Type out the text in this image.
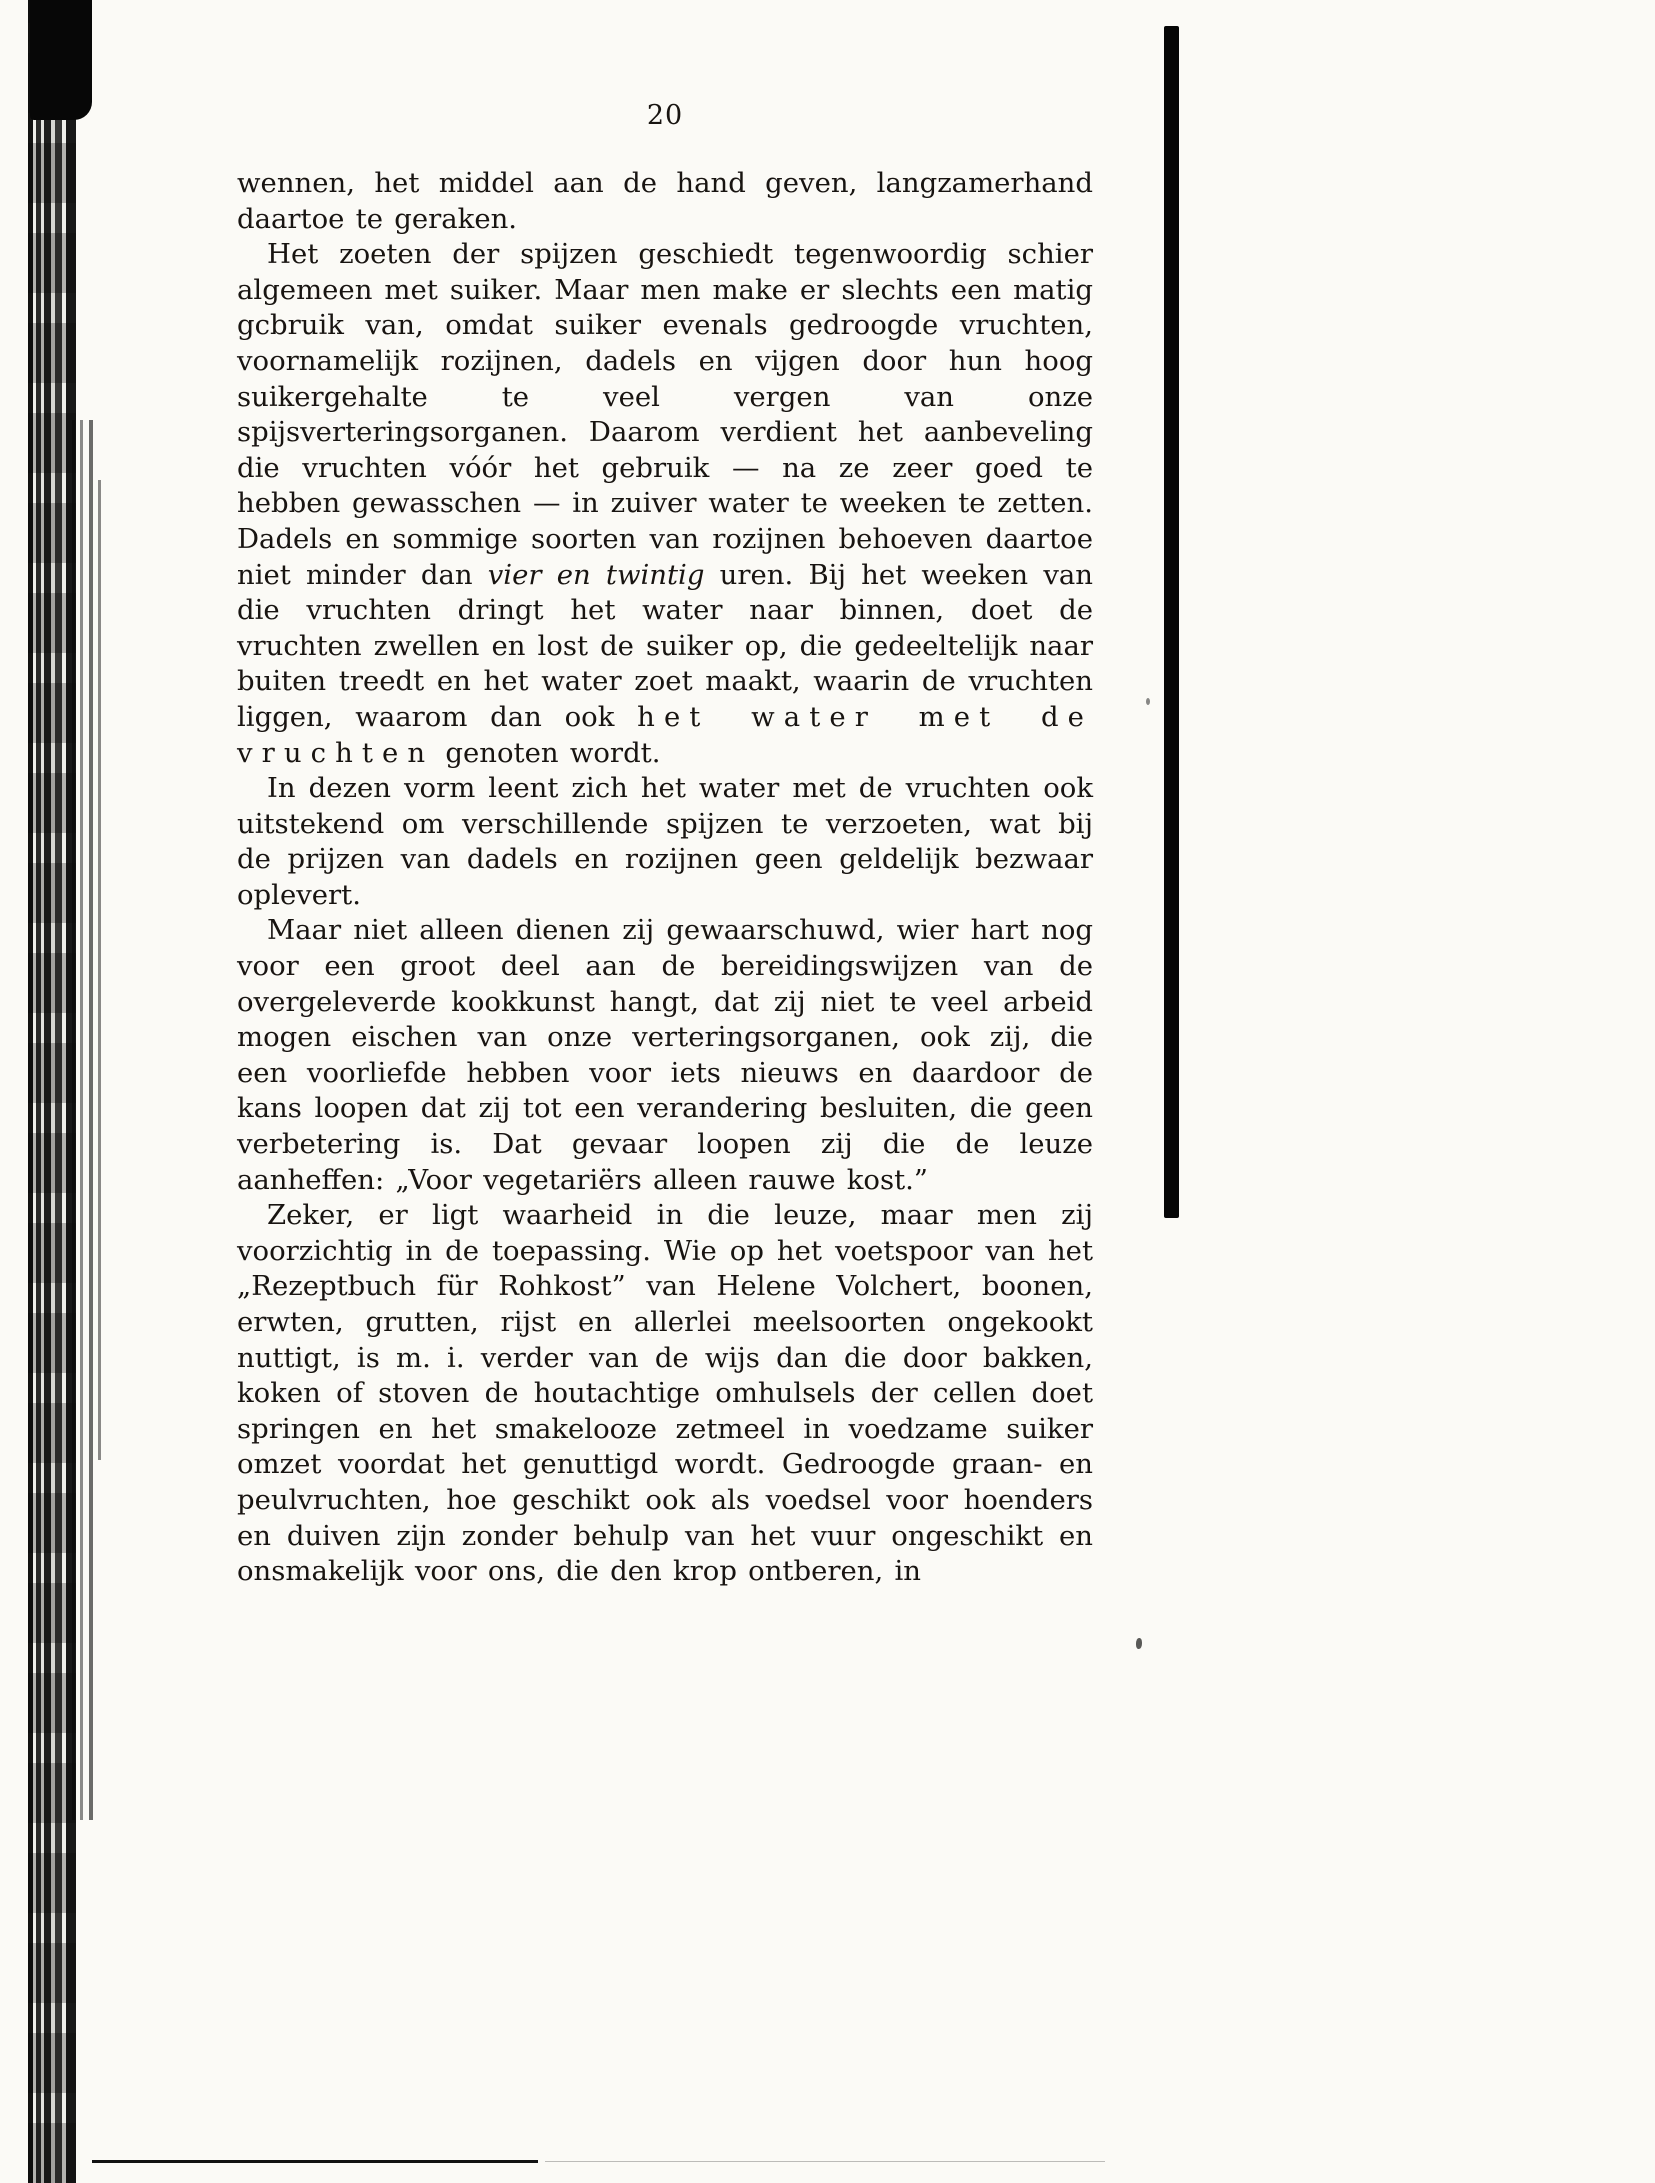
20

wennen, het middel aan de hand geven, langzamerhand daartoe te geraken.

Het zoeten der spijzen geschiedt tegenwoordig schier algemeen met suiker. Maar men make er slechts een matig gcbruik van, omdat suiker evenals gedroogde vruchten, voornamelijk rozijnen, dadels en vijgen door hun hoog suikergehalte te veel vergen van onze spijsverteringsorganen. Daarom verdient het aanbeveling die vruchten vóór het gebruik — na ze zeer goed te hebben gewasschen — in zuiver water te weeken te zetten. Dadels en sommige soorten van rozijnen behoeven daartoe niet minder dan vier en twintig uren. Bij het weeken van die vruchten dringt het water naar binnen, doet de vruchten zwellen en lost de suiker op, die gedeeltelijk naar buiten treedt en het water zoet maakt, waarin de vruchten liggen, waarom dan ook het water met de vruchten genoten wordt.

In dezen vorm leent zich het water met de vruchten ook uitstekend om verschillende spijzen te verzoeten, wat bij de prijzen van dadels en rozijnen geen geldelijk bezwaar oplevert.

Maar niet alleen dienen zij gewaarschuwd, wier hart nog voor een groot deel aan de bereidingswijzen van de overgeleverde kookkunst hangt, dat zij niet te veel arbeid mogen eischen van onze verteringsorganen, ook zij, die een voorliefde hebben voor iets nieuws en daardoor de kans loopen dat zij tot een verandering besluiten, die geen verbetering is. Dat gevaar loopen zij die de leuze aanheffen: „Voor vegetariërs alleen rauwe kost.”

Zeker, er ligt waarheid in die leuze, maar men zij voorzichtig in de toepassing. Wie op het voetspoor van het „Rezeptbuch für Rohkost” van Helene Volchert, boonen, erwten, grutten, rijst en allerlei meelsoorten ongekookt nuttigt, is m. i. verder van de wijs dan die door bakken, koken of stoven de houtachtige omhulsels der cellen doet springen en het smakelooze zetmeel in voedzame suiker omzet voordat het genuttigd wordt. Gedroogde graan- en peulvruchten, hoe geschikt ook als voedsel voor hoenders en duiven zijn zonder behulp van het vuur ongeschikt en onsmakelijk voor ons, die den krop ontberen, in
